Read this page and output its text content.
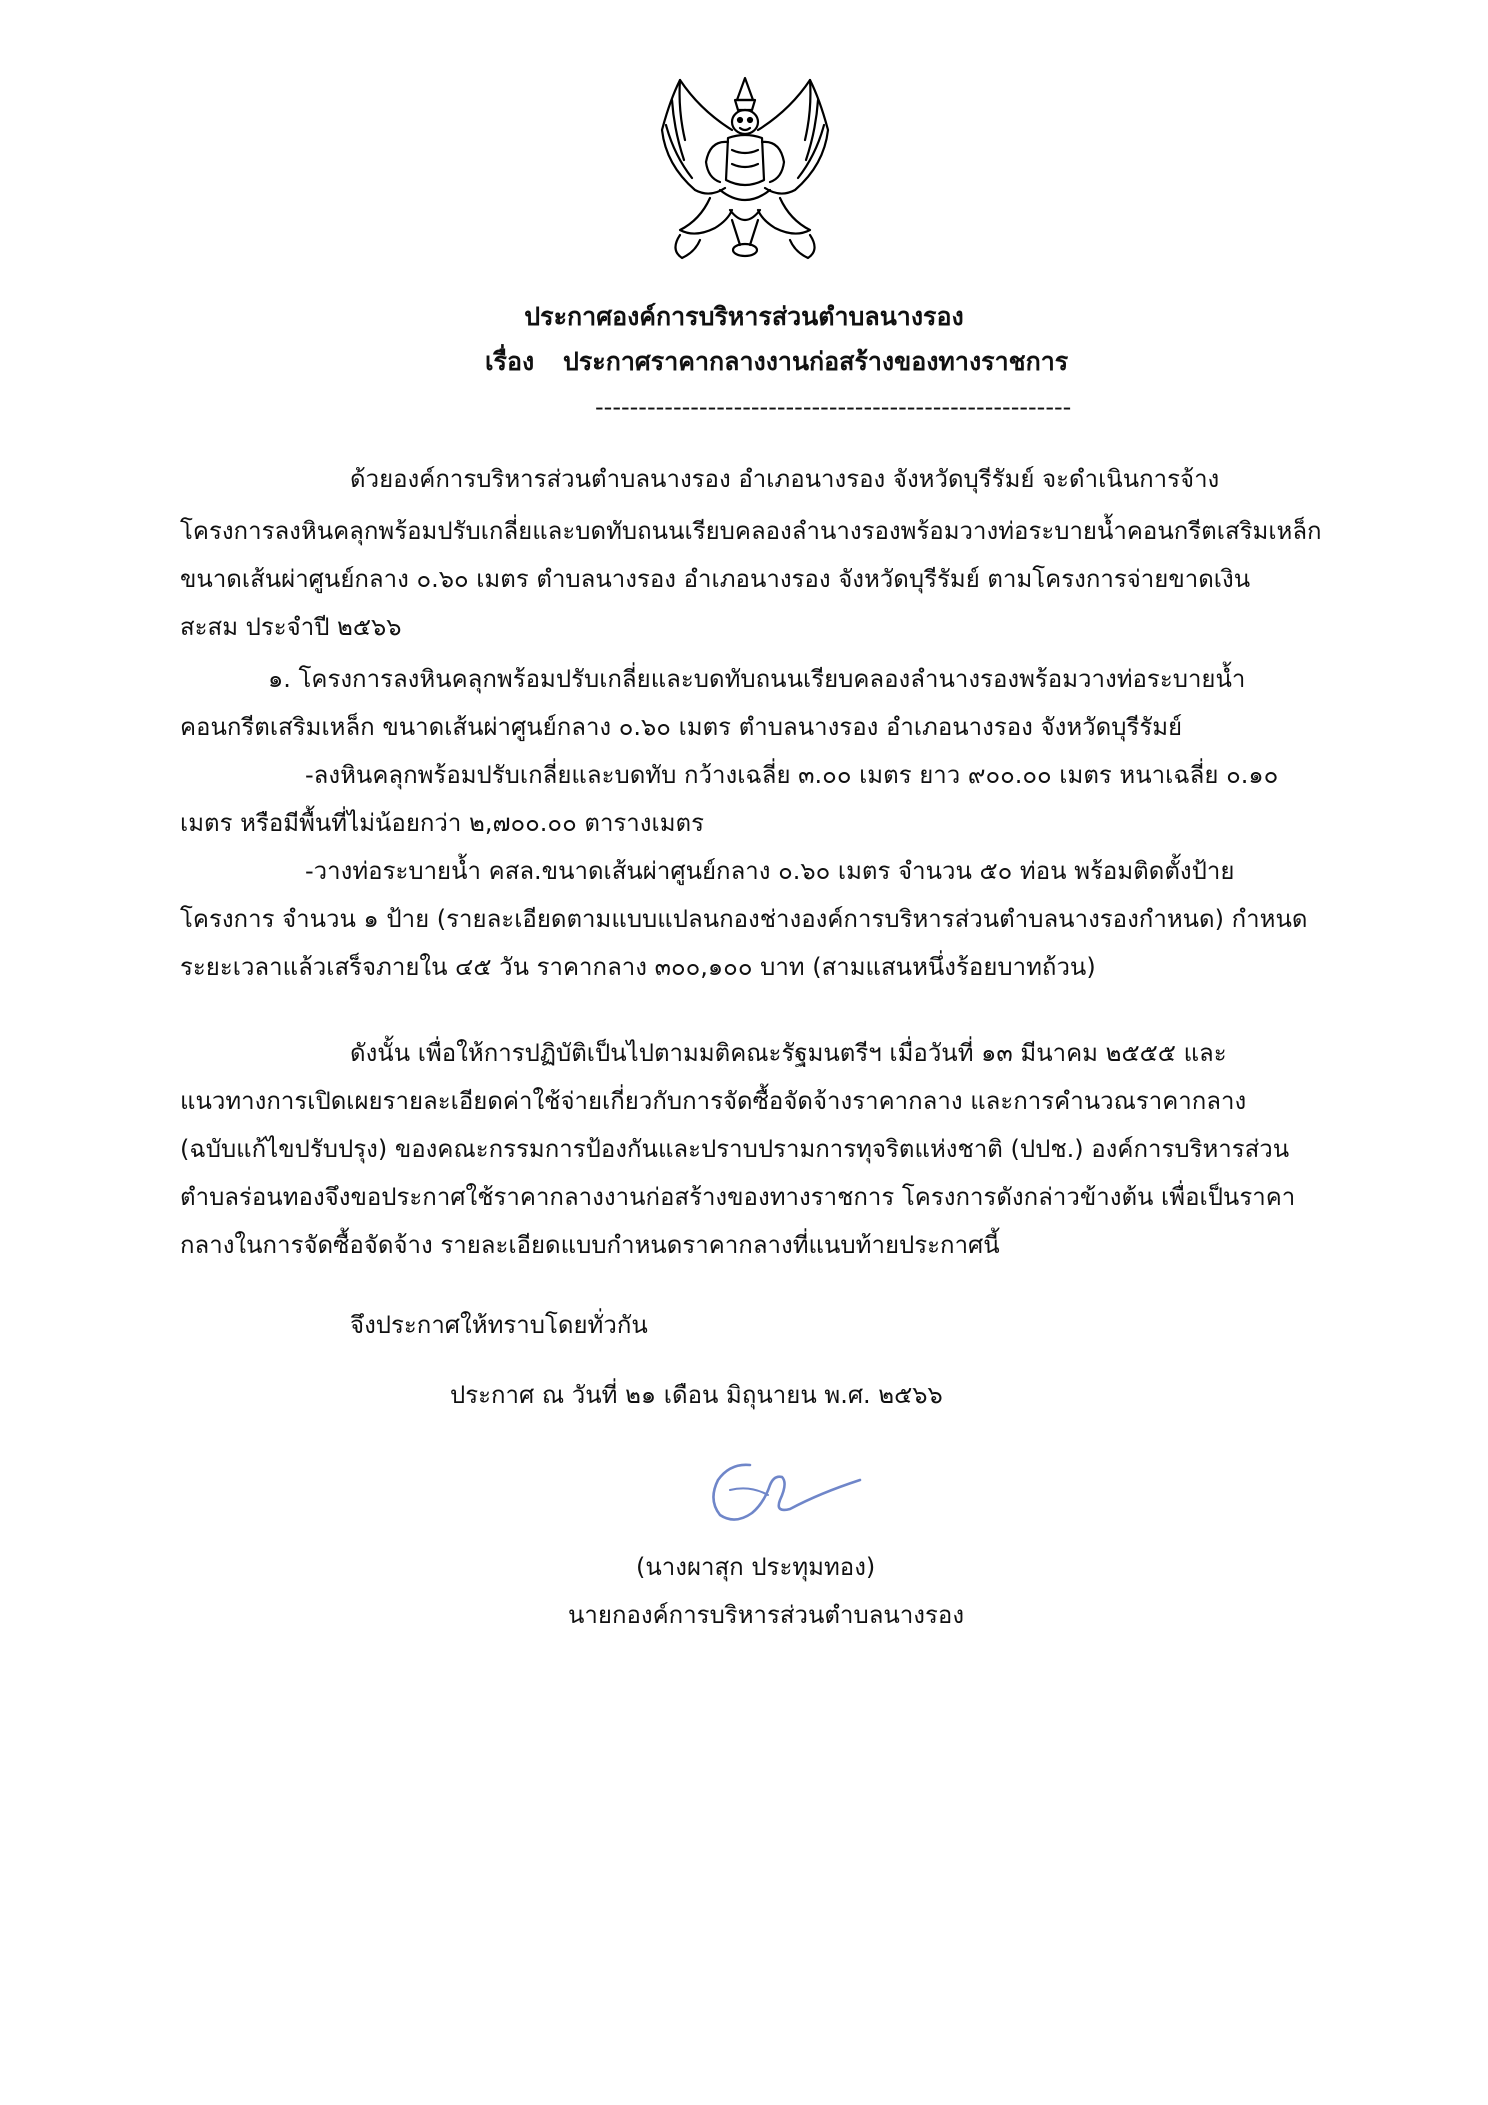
ประกาศองค์การบริหารส่วนตำบลนางรอง
เรื่อง ประกาศราคากลางงานก่อสร้างของทางราชการ
-------------------------------------------------------
ด้วยองค์การบริหารส่วนตำบลนางรอง อำเภอนางรอง จังหวัดบุรีรัมย์ จะดำเนินการจ้าง
โครงการลงหินคลุกพร้อมปรับเกลี่ยและบดทับถนนเรียบคลองลำนางรองพร้อมวางท่อระบายน้ำคอนกรีตเสริมเหล็ก
ขนาดเส้นผ่าศูนย์กลาง ๐.๖๐ เมตร ตำบลนางรอง อำเภอนางรอง จังหวัดบุรีรัมย์ ตามโครงการจ่ายขาดเงิน
สะสม ประจำปี ๒๕๖๖
๑. โครงการลงหินคลุกพร้อมปรับเกลี่ยและบดทับถนนเรียบคลองลำนางรองพร้อมวางท่อระบายน้ำ
คอนกรีตเสริมเหล็ก ขนาดเส้นผ่าศูนย์กลาง ๐.๖๐ เมตร ตำบลนางรอง อำเภอนางรอง จังหวัดบุรีรัมย์
-ลงหินคลุกพร้อมปรับเกลี่ยและบดทับ กว้างเฉลี่ย ๓.๐๐ เมตร ยาว ๙๐๐.๐๐ เมตร หนาเฉลี่ย ๐.๑๐
เมตร หรือมีพื้นที่ไม่น้อยกว่า ๒,๗๐๐.๐๐ ตารางเมตร
-วางท่อระบายน้ำ คสล.ขนาดเส้นผ่าศูนย์กลาง ๐.๖๐ เมตร จำนวน ๕๐ ท่อน พร้อมติดตั้งป้าย
โครงการ จำนวน ๑ ป้าย (รายละเอียดตามแบบแปลนกองช่างองค์การบริหารส่วนตำบลนางรองกำหนด) กำหนด
ระยะเวลาแล้วเสร็จภายใน ๔๕ วัน ราคากลาง ๓๐๐,๑๐๐ บาท (สามแสนหนึ่งร้อยบาทถ้วน)
ดังนั้น เพื่อให้การปฏิบัติเป็นไปตามมติคณะรัฐมนตรีฯ เมื่อวันที่ ๑๓ มีนาคม ๒๕๕๕ และ
แนวทางการเปิดเผยรายละเอียดค่าใช้จ่ายเกี่ยวกับการจัดซื้อจัดจ้างราคากลาง และการคำนวณราคากลาง
(ฉบับแก้ไขปรับปรุง) ของคณะกรรมการป้องกันและปราบปรามการทุจริตแห่งชาติ (ปปช.) องค์การบริหารส่วน
ตำบลร่อนทองจึงขอประกาศใช้ราคากลางงานก่อสร้างของทางราชการ โครงการดังกล่าวข้างต้น เพื่อเป็นราคา
กลางในการจัดซื้อจัดจ้าง รายละเอียดแบบกำหนดราคากลางที่แนบท้ายประกาศนี้
จึงประกาศให้ทราบโดยทั่วกัน
ประกาศ ณ วันที่ ๒๑ เดือน มิถุนายน พ.ศ. ๒๕๖๖
(นางผาสุก ประทุมทอง)
นายกองค์การบริหารส่วนตำบลนางรอง
